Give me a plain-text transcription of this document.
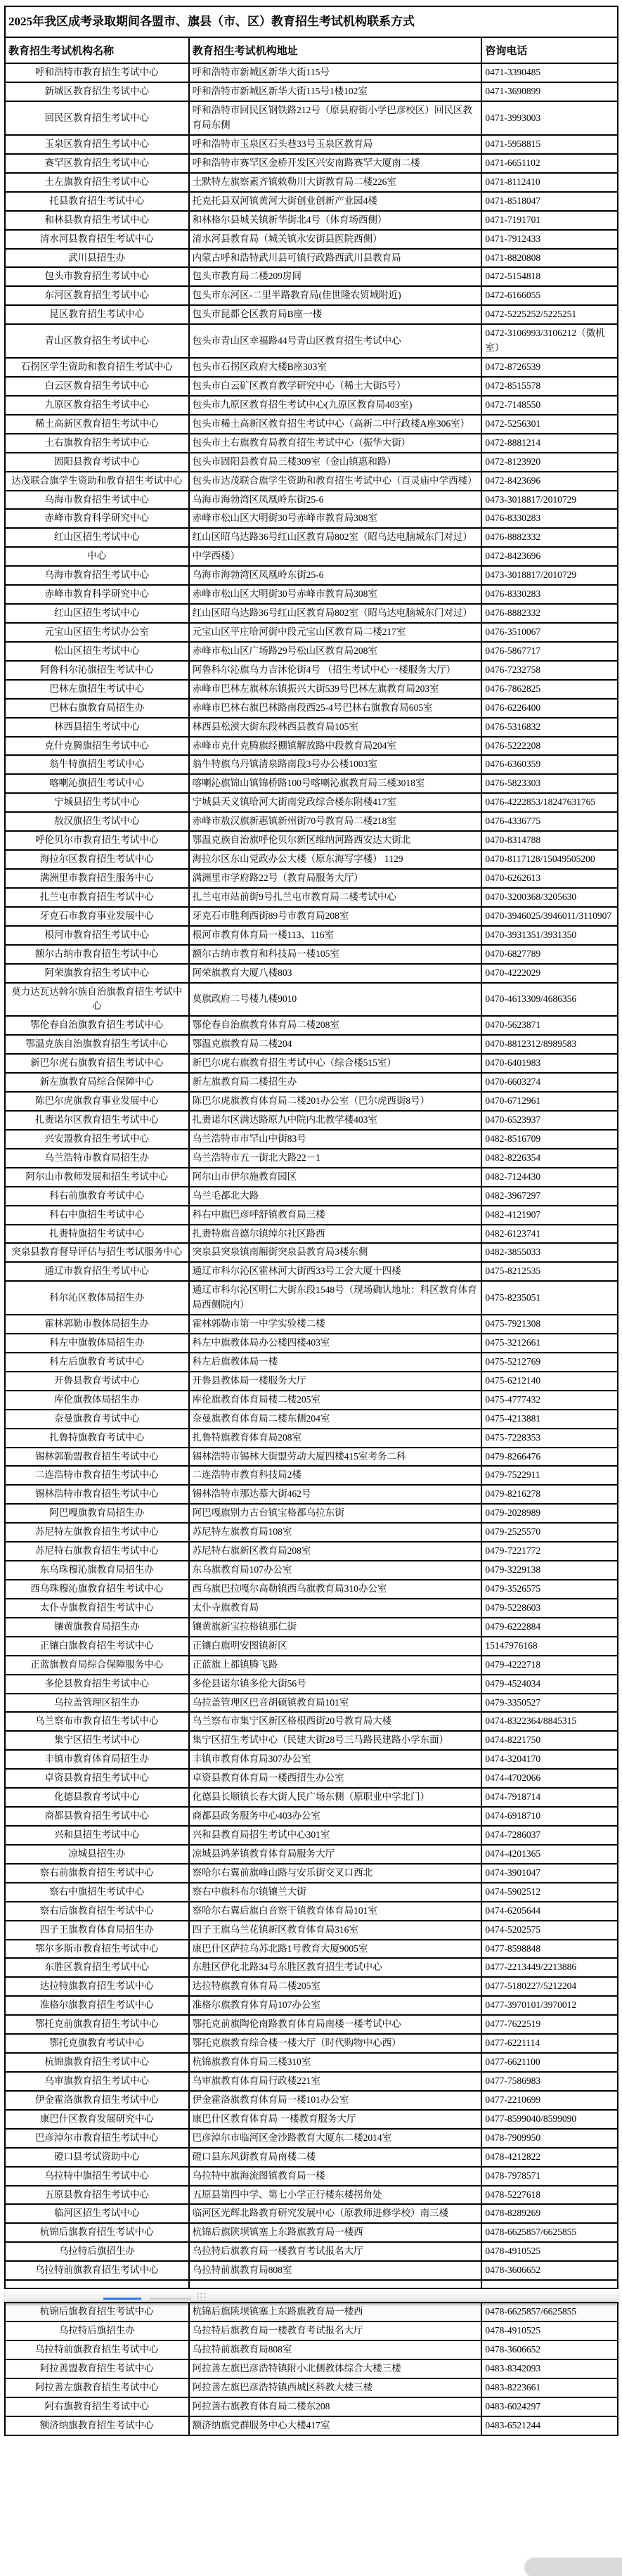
2025年我区成考录取期间各盟市、旗县（市、区）教育招生考试机构联系方式		
教育招生考试机构名称	教育招生考试机构地址	咨询电话
呼和浩特市教育招生考试中心	呼和浩特市新城区新华大街115号	0471-3390485
新城区教育招生考试中心	呼和浩特市新城区新华大街115号1楼102室	0471-3690899
回民区教育招生考试中心	呼和浩特市回民区钢铁路212号（原县府街小学巴彦校区）回民区教育局东侧	0471-3993003
玉泉区教育招生考试中心	呼和浩特市玉泉区石头巷33号玉泉区教育局	0471-5958815
赛罕区教育招生考试中心	呼和浩特市赛罕区金桥开发区兴安南路赛罕大厦南二楼	0471-6651102
土左旗教育招生考试中心	土默特左旗察素齐镇敕勒川大街教育局二楼226室	0471-8112410
托县教育招生考试中心	托克托县双河镇黄河大街创业创新产业园4楼	0471-8518047
和林县教育招生考试中心	和林格尔县城关镇新华街北4号（体育场西侧）	0471-7191701
清水河县教育招生考试中心	清水河县教育局（城关镇永安街县医院西侧）	0471-7912433
武川县招生办	内蒙古呼和浩特武川县可镇行政路西武川县教育局	0471-8820808
包头市教育招生考试中心	包头市教育局二楼209房间	0472-5154818
东河区教育招生考试中心	包头市东河区-二里半路教育局(佳世隆农贸城附近)	0472-6166055
昆区教育招生考试中心	包头市昆都仑区教育局B座一楼	0472-5225252/5225251
青山区教育招生考试中心	包头市青山区幸福路44号青山区教育招生考试中心	0472-3106993/3106212（微机室）
石拐区学生资助和教育招生考试中心	包头市石拐区政府大楼B座303室	0472-8726539
白云区教育招生考试中心	包头市白云矿区教育教学研究中心（稀土大街5号）	0472-8515578
九原区教育招生考试中心	包头市九原区教育招生考试中心(九原区教育局403室)	0472-7148550
稀土高新区教育招生考试中心	包头市稀土高新区教育招生考试中心（高新二中行政楼A座306室）	0472-5256301
土右旗教育招生考试中心	包头市土右旗教育局教育招生考试中心（振华大街）	0472-8881214
固阳县教育考试中心	包头市固阳县教育局三楼309室（金山镇惠和路）	0472-8123920
达茂联合旗学生资助和教育招生考试中心	包头市达茂联合旗学生资助和教育招生考试中心（百灵庙中学西楼）	0472-8423696
乌海市教育招生考试中心	乌海市海勃湾区凤凰岭东街25-6	0473-3018817/2010729
赤峰市教育科学研究中心	赤峰市松山区大明街30号赤峰市教育局308室	0476-8330283
红山区招生考试中心	红山区昭乌达路36号红山区教育局802室（昭乌达电脑城东门对过）	0476-8882332
中心	中学西楼）	0472-8423696
乌海市教育招生考试中心	乌海市海勃湾区凤凰岭东街25-6	0473-3018817/2010729
赤峰市教育科学研究中心	赤峰市松山区大明街30号赤峰市教育局308室	0476-8330283
红山区招生考试中心	红山区昭乌达路36号红山区教育局802室（昭乌达电脑城东门对过）	0476-8882332
元宝山区招生考试办公室	元宝山区平庄哈河街中段元宝山区教育局二楼217室	0476-3510067
松山区招生考试中心	赤峰市松山区广场路29号松山区教育局208室	0476-5867717
阿鲁科尔沁旗招生考试中心	阿鲁科尔沁旗乌力吉沐伦街4号 （招生考试中心一楼服务大厅）	0476-7232758
巴林左旗招生考试中心	赤峰市巴林左旗林东镇振兴大街539号巴林左旗教育局203室	0476-7862825
巴林右旗教育局招生办	赤峰市巴林右旗巴林路南段西25-4号巴林右旗教育局605室	0476-6226400
林西县招生考试中心	林西县松漠大街东段林西县教育局105室	0476-5316832
克什克腾旗招生考试中心	赤峰市克什克腾旗经棚镇解放路中段教育局204室	0476-5222208
翁牛特旗招生考试中心	翁牛特旗乌丹镇清泉路南段3号办公楼1003室	0476-6360359
喀喇沁旗招生考试中心	喀喇沁旗锦山镇锦桥路100号喀喇沁旗教育局三楼3018室	0476-5823303
宁城县招生考试中心	宁城县天义镇哈河大街南党政综合楼东附楼417室	0476-4222853/18247631765
敖汉旗招生考试中心	赤峰市敖汉旗新惠镇新州街70号教育局二楼218室	0476-4336775
呼伦贝尔市教育招生考试中心	鄂温克族自治旗呼伦贝尔新区维纳河路西安达大街北	0470-8314788
海拉尔区教育招生考试中心	海拉尔区东山党政办公大楼（原东海写字楼） 1129	0470-8117128/15049505200
满洲里市教育招生服务中心	满洲里市学府路22号（教育局服务大厅）	0470-6262613
扎兰屯市教育招生考试中心	扎兰屯市站前街9号扎兰屯市教育局二楼考试中心	0470-3200368/3205630
牙克石市教育事业发展中心	牙克石市胜利西街89号市教育局208室	0470-3946025/3946011/3110907
根河市教育招生考试中心	根河市教育体育局一楼113、116室	0470-3931351/3931350
额尔古纳市教育招生考试中心	额尔古纳市教育和科技局一楼105室	0470-6827789
阿荣旗教育招生考试中心	阿荣旗教育大厦八楼803	0470-4222029
莫力达瓦达斡尔族自治旗教育招生考试中心	莫旗政府二号楼九楼9010	0470-4613309/4686356
鄂伦春自治旗教育招生考试中心	鄂伦春自治旗教育体育局二楼208室	0470-5623871
鄂温克族自治旗教育招生考试中心	鄂温克旗教育局二楼204	0470-8812312/8989583
新巴尔虎右旗教育招生考试中心	新巴尔虎右旗教育招生考试中心（综合楼515室）	0470-6401983
新左旗教育局综合保障中心	新左旗教育局二楼招生办	0470-6603274
陈巴尔虎旗教育事业发展中心	陈巴尔虎旗教育体育局二楼201办公室（巴尔虎西街8号）	0470-6712961
扎赉诺尔区教育招生考试中心	扎赉诺尔区满达路原九中院内北教学楼403室	0470-6523937
兴安盟教育招生考试中心	乌兰浩特市市罕山中街83号	0482-8516709
乌兰浩特市教育局招生办	乌兰浩特市五一街北大路22－1	0482-8226354
阿尔山市教师发展和招生考试中心	阿尔山市伊尔施教育园区	0482-7124430
科右前旗教育考试中心	乌兰毛都北大路	0482-3967297
科右中旗招生考试中心	科右中旗巴彦呼舒镇教育局三楼	0482-4121907
扎赉特旗招生考试中心	扎赉特旗音德尔镇绰尔社区路西	0482-6123741
突泉县教育督导评估与招生考试服务中心	突泉县突泉镇南厢街突泉县教育局3楼东侧	0482-3855033
通辽市教育招生考试中心	通辽市科尔沁区霍林河大街西33号工会大厦十四楼	0475-8212535
科尔沁区教体局招生办	通辽市科尔沁区明仁大街东段1548号（现场确认地址：科区教育体育局西侧院内）	0475-8235051
霍林郭勒市教体局招生办	霍林郭勒市第一中学实验楼二楼	0475-7921308
科左中旗教体局招生办	科左中旗教体局办公楼四楼403室	0475-3212661
科左后旗教育考试中心	科左后旗教体局一楼	0475-5212769
开鲁县教育考试中心	开鲁县教体局一楼服务大厅	0475-6212140
库伦旗教体局招生办	库伦旗教育体育局楼二楼205室	0475-4777432
奈曼旗教育考试中心	奈曼旗教育体育局二楼东侧204室	0475-4213881
扎鲁特旗教育考试中心	扎鲁特旗教育体育局208室	0475-7228353
锡林郭勒盟教育招生考试中心	锡林浩特市锡林大街盟劳动大厦四楼415室考务二科	0479-8266476
二连浩特市教育招生考试中心	二连浩特市教育科技局2楼	0479-7522911
锡林浩特市教育招生考试中心	锡林浩特市那达慕大街462号	0479-8216278
阿巴嘎旗教育局招生办	阿巴嘎旗别力古台镇宝格都乌拉东街	0479-2028989
苏尼特左旗教育招生考试中心	苏尼特左旗教育局108室	0479-2525570
苏尼特右旗教育招生考试中心	苏尼特右旗新区教育局208室	0479-7221772
东乌珠穆沁旗教育局招生办	东乌旗教育局107办公室	0479-3229138
西乌珠穆沁旗教育招生考试中心	西乌旗巴拉嘎尔高勒镇西乌旗教育局310办公室	0479-3526575
太仆寺旗教育招生考试中心	太仆寺旗教育局	0479-5228603
镶黄旗教育局招生办	镶黄旗新宝拉格镇那仁街	0479-6222884
正镶白旗教育招生考试中心	正镶白旗明安图镇新区	15147976168
正蓝旗教育局综合保障服务中心	正蓝旗上都镇腾飞路	0479-4222718
多伦县教育招生考试中心	多伦县诺尔镇多伦大街56号	0479-4524034
乌拉盖管理区招生办	乌拉盖管理区巴音胡硕镇教育局101室	0479-3350527
乌兰察布市教育招生考试中心	乌兰察布市集宁区新区格根西街20号教育局大楼	0474-8322364/8845315
集宁区招生考试中心	集宁区招生考试中心（民建大街28号三马路民建路小学东面）	0474-8221750
丰镇市教育体育局招生办	丰镇市教育体育局307办公室	0474-3204170
卓资县教育招生考试中心	卓资县教育体育局一楼西招生办公室	0474-4702066
化德县教育考试中心	化德县长顺镇长春大街人民广场东侧（原职业中学北门）	0474-7918714
商都县教育招生考试中心	商都县政务服务中心403办公室	0474-6918710
兴和县招生考试中心	兴和县教育局招生考试中心301室	0474-7286037
凉城县招生办	凉城县鸿茅镇教育体育局服务大厅	0474-4201365
察右前旗教育招生考试中心	察哈尔右翼前旗峰山路与安乐街交叉口西北	0474-3901047
察右中旗招生考试中心	察右中旗科布尔镇镶兰大街	0474-5902512
察右后旗教育招生考试中心	察哈尔右翼后旗白音察干镇教育体育局101室	0474-6205644
四子王旗教育体育局招生办	四子王旗乌兰花镇新区教育体育局316室	0474-5202575
鄂尔多斯市教育招生考试中心	康巴什区萨拉乌苏北路1号教育大厦9005室	0477-8598848
东胜区教育招生考试中心	东胜区伊化北路34号东胜区教育招生考试中心	0477-2213449/2213886
达拉特旗教育招生考试中心	达拉特旗教育体育局二楼205室	0477-5180227/5212204
准格尔旗教育招生考试中心	准格尔旗教育体育局107办公室	0477-3970101/3970012
鄂托克前旗教育招生考试中心	鄂托克前旗陶伦南路教育体育局南楼一楼考试中心	0477-7622519
鄂托克旗教育考试中心	鄂托克旗教育综合楼一楼大厅（时代购物中心西）	0477-6221114
杭锦旗教育招生考试中心	杭锦旗教育体育局三楼310室	0477-6621100
乌审旗教育招生考试中心	乌审旗教育体育局行政楼221室	0477-7586983
伊金霍洛旗教育招生考试中心	伊金霍洛旗教育体育局一楼101办公室	0477-2210699
康巴什区教育发展研究中心	康巴什区教育体育局 一楼教育服务大厅	0477-8599040/8599090
巴彦淖尔市教育招生考试中心	巴彦淖尔市临河区金沙路教育大厦东二楼2014室	0478-7909950
磴口县考试资助中心	磴口县东风街教育局南楼二楼	0478-4212822
乌拉特中旗招生考试中心	乌拉特中旗海流图镇教育局一楼	0478-7978571
五原县教育招生考试中心	五原县第四中学、第七小学正行楼东楼拐角处	0478-5227618
临河区招生考试中心	临河区光辉北路教育研究发展中心（原教师进修学校）南三楼	0478-8289269
杭锦后旗教育招生考试中心	杭锦后旗陕坝镇塞上东路旗教育局一楼西	0478-6625857/6625855
乌拉特后旗招生办	乌拉特后旗教育局一楼教育考试报名大厅	0478-4910525
乌拉特前旗教育招生考试中心	乌拉特前旗教育局808室	0478-3606652

杭锦后旗教育招生考试中心	杭锦后旗陕坝镇塞上东路旗教育局一楼西	0478-6625857/6625855
乌拉特后旗招生办	乌拉特后旗教育局一楼教育考试报名大厅	0478-4910525
乌拉特前旗教育招生考试中心	乌拉特前旗教育局808室	0478-3606652
阿拉善盟教育招生考试中心	阿拉善左旗巴彦浩特镇附小北侧教体综合大楼三楼	0483-8342093
阿拉善左旗教育招生考试中心	阿拉善左旗巴彦浩特镇西城区科教大楼三楼	0483-8223661
阿右旗教育招生考试中心	阿拉善右旗教育体育局二楼东208	0483-6024297
额济纳旗教育招生考试中心	额济纳旗党群服务中心大楼417室	0483-6521244
